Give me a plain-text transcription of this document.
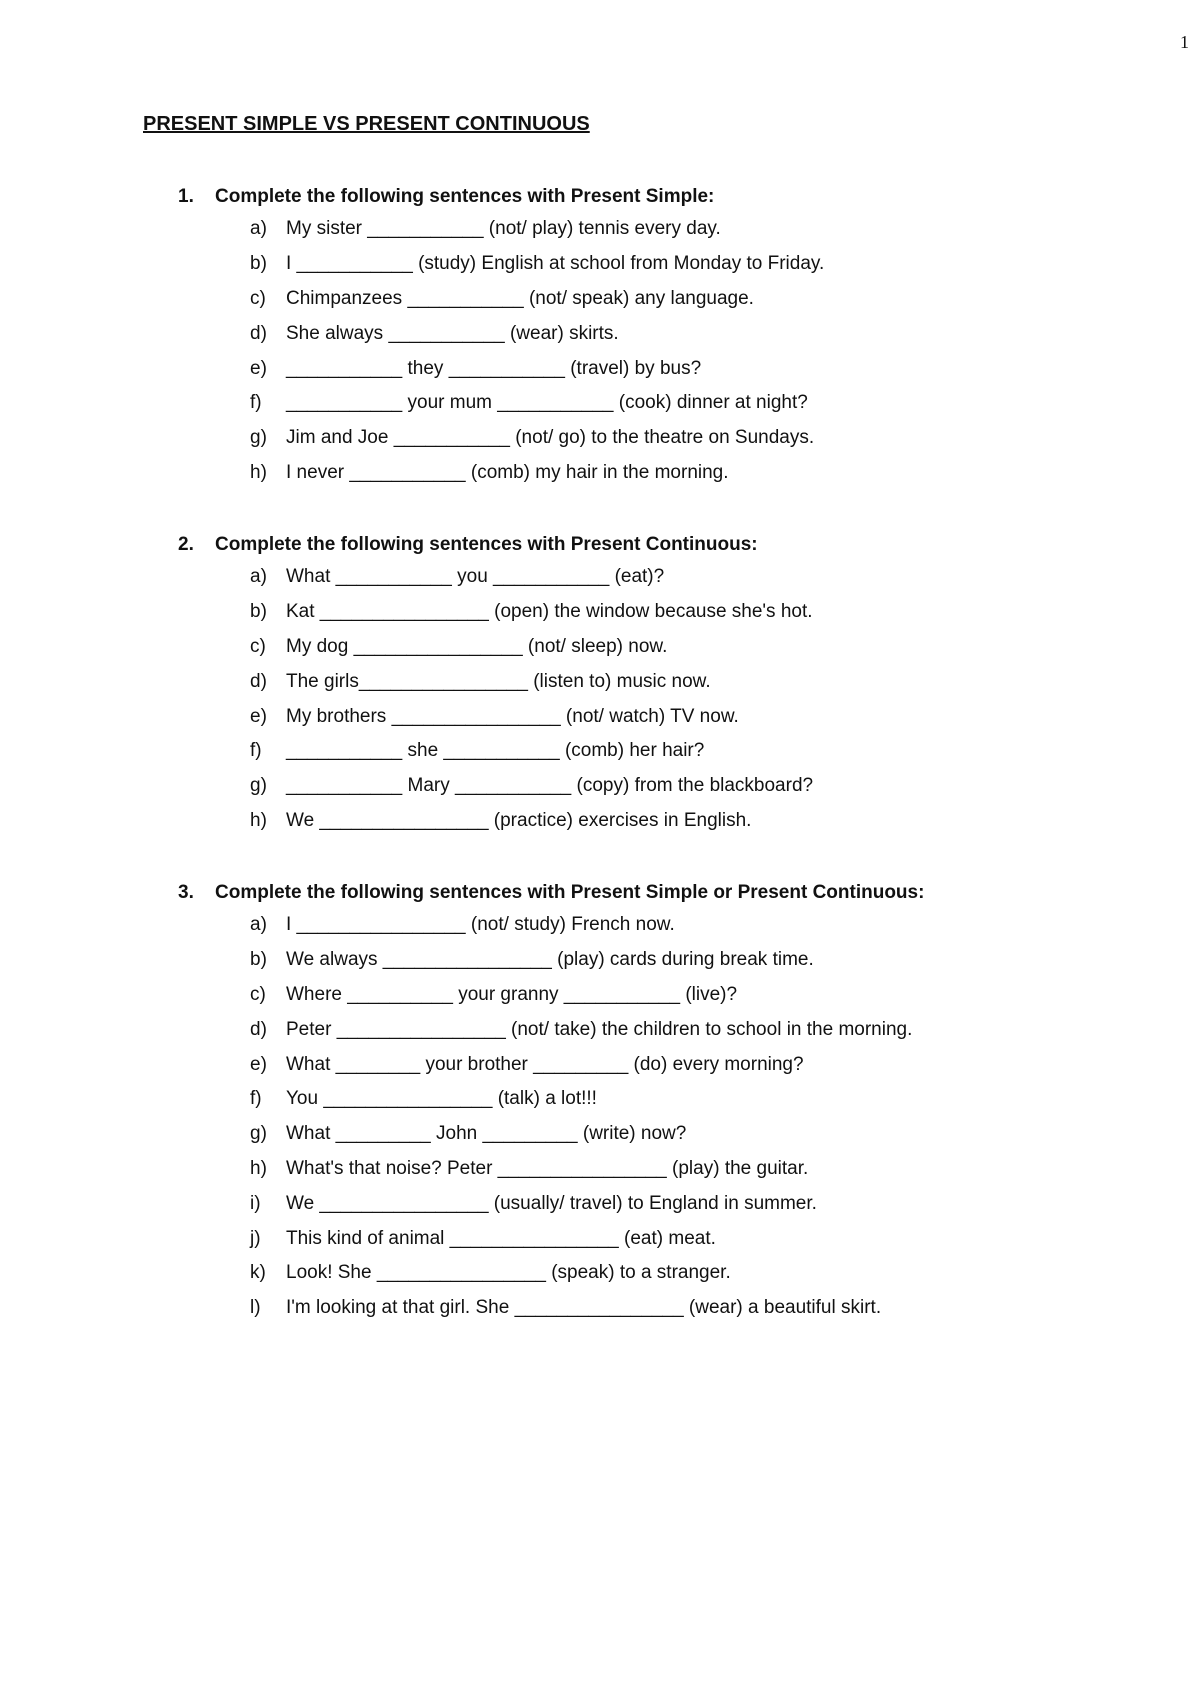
1
PRESENT SIMPLE VS PRESENT CONTINUOUS
1.	Complete the following sentences with Present Simple:
a)	My sister ___________ (not/ play) tennis every day.
b)	I ___________ (study) English at school from Monday to Friday.
c)	Chimpanzees ___________ (not/ speak) any language.
d)	She always ___________ (wear) skirts.
e)	___________ they ___________ (travel) by bus?
f)	___________ your mum ___________ (cook) dinner at night?
g)	Jim and Joe ___________ (not/ go) to the theatre on Sundays.
h)	I never ___________ (comb) my hair in the morning.
2.	Complete the following sentences with Present Continuous:
a)	What ___________ you ___________ (eat)?
b)	Kat ________________ (open) the window because she's hot.
c)	My dog ________________ (not/ sleep) now.
d)	The girls________________ (listen to) music now.
e)	My brothers ________________ (not/ watch) TV now.
f)	___________ she ___________ (comb) her hair?
g)	___________ Mary ___________ (copy) from the blackboard?
h)	We ________________ (practice) exercises in English.
3.	Complete the following sentences with Present Simple or Present Continuous:
a)	I ________________ (not/ study) French now.
b)	We always ________________ (play) cards during break time.
c)	Where __________ your granny ___________ (live)?
d)	Peter ________________ (not/ take) the children to school in the morning.
e)	What ________ your brother _________ (do) every morning?
f)	You ________________ (talk) a lot!!!
g)	What _________ John _________ (write) now?
h)	What's that noise? Peter ________________ (play) the guitar.
i)	We ________________ (usually/ travel) to England in summer.
j)	This kind of animal ________________ (eat) meat.
k)	Look! She ________________ (speak) to a stranger.
l)	I'm looking at that girl. She ________________ (wear) a beautiful skirt.
